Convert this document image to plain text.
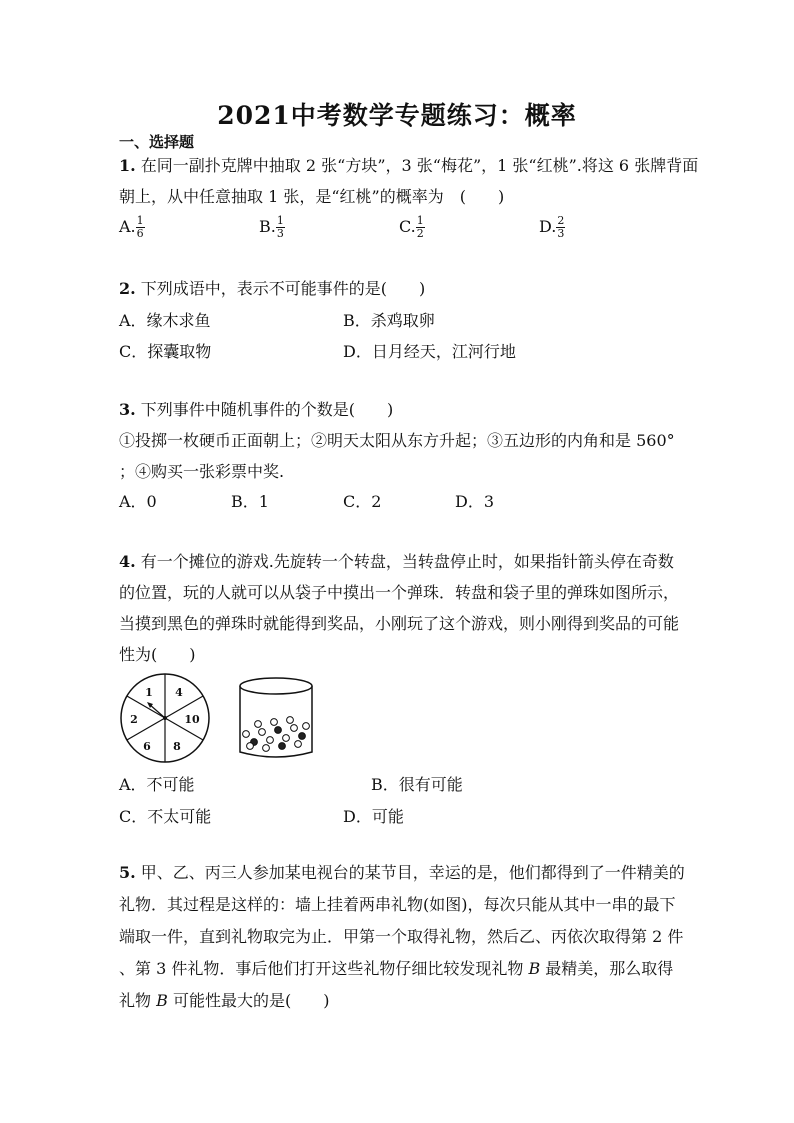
2021中考数学专题练习：概率
一、选择题
1. 在同一副扑克牌中抽取 2 张“方块”，3 张“梅花”，1 张“红桃”.将这 6 张牌背面
朝上，从中任意抽取 1 张，是“红桃”的概率为　(　　)
A. $\frac{1}{6}$	B. $\frac{1}{3}$	C. $\frac{1}{2}$	D. $\frac{2}{3}$
2. 下列成语中，表示不可能事件的是(　　)
A．缘木求鱼	B．杀鸡取卵
C．探囊取物	D．日月经天，江河行地
3. 下列事件中随机事件的个数是(　　)
①投掷一枚硬币正面朝上；②明天太阳从东方升起；③五边形的内角和是 560°
；④购买一张彩票中奖.
A．0	B．1	C．2	D．3
4. 有一个摊位的游戏.先旋转一个转盘，当转盘停止时，如果指针箭头停在奇数
的位置，玩的人就可以从袋子中摸出一个弹珠．转盘和袋子里的弹珠如图所示，
当摸到黑色的弹珠时就能得到奖品，小刚玩了这个游戏，则小刚得到奖品的可能
性为(　　)
1 4
10
8
6
2
A．不可能	B．很有可能
C．不太可能	D．可能
5. 甲、乙、丙三人参加某电视台的某节目，幸运的是，他们都得到了一件精美的
礼物．其过程是这样的：墙上挂着两串礼物(如图)，每次只能从其中一串的最下
端取一件，直到礼物取完为止．甲第一个取得礼物，然后乙、丙依次取得第 2 件
、第 3 件礼物．事后他们打开这些礼物仔细比较发现礼物 B 最精美，那么取得
礼物 B 可能性最大的是(　　)
